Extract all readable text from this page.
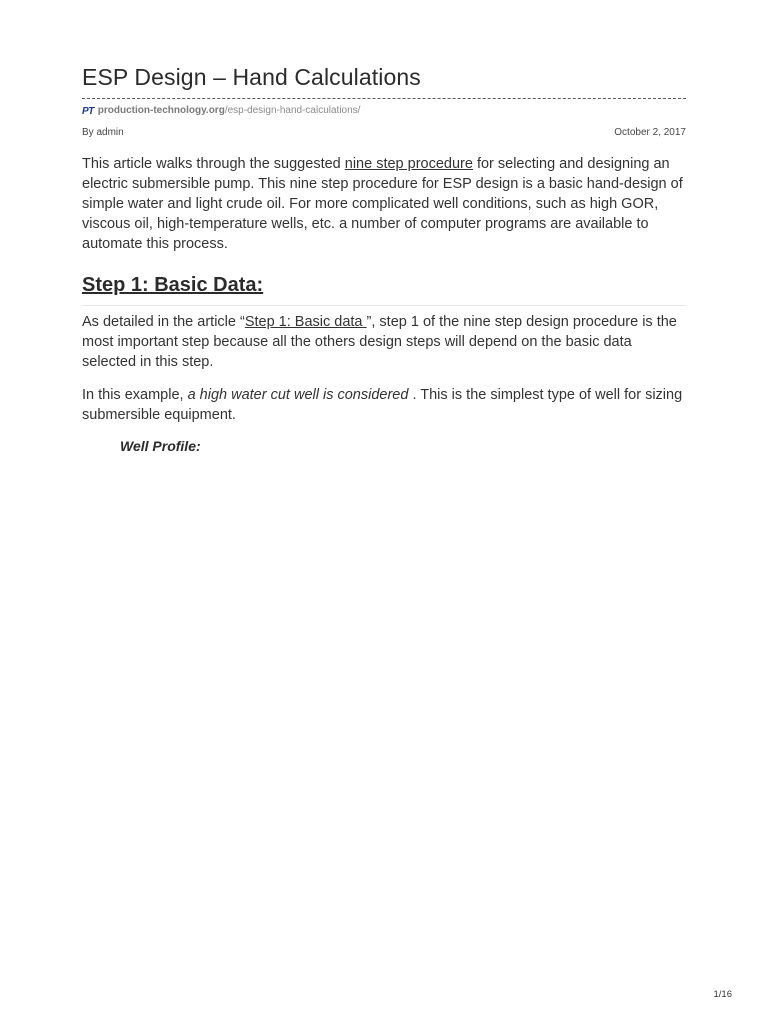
ESP Design – Hand Calculations
PT production-technology.org/esp-design-hand-calculations/
By admin	October 2, 2017

This article walks through the suggested nine step procedure for selecting and designing an electric submersible pump. This nine step procedure for ESP design is a basic hand-design of simple water and light crude oil. For more complicated well conditions, such as high GOR, viscous oil, high-temperature wells, etc. a number of computer programs are available to automate this process.

Step 1: Basic Data:

As detailed in the article “Step 1: Basic data ”, step 1 of the nine step design procedure is the most important step because all the others design steps will depend on the basic data selected in this step.

In this example, a high water cut well is considered . This is the simplest type of well for sizing submersible equipment.

Well Profile:
1/16
